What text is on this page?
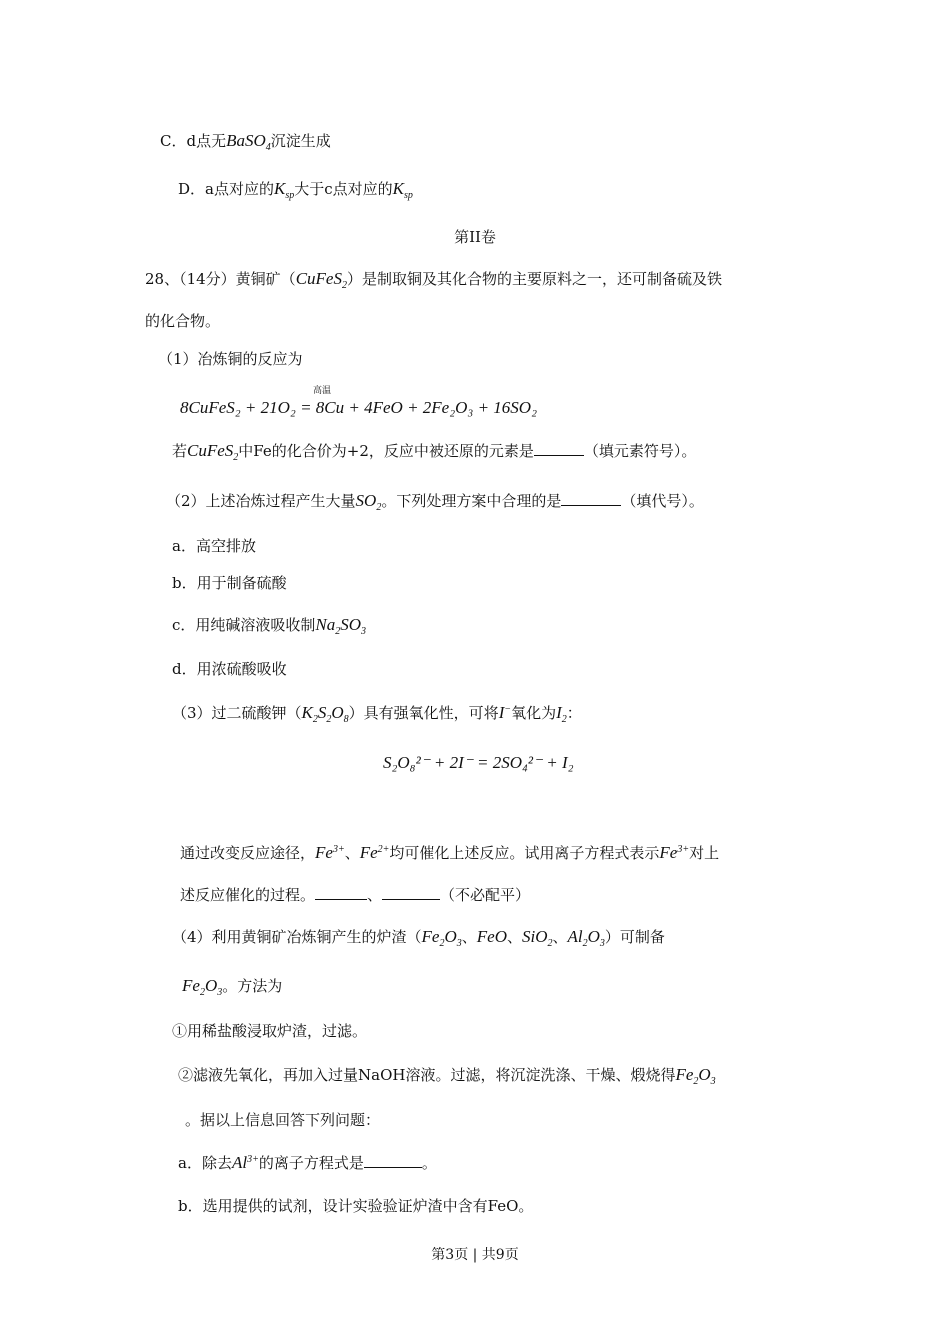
C．d点无BaSO$_4$沉淀生成
D．a点对应的$K_{sp}$大于c点对应的$K_{sp}$
第II卷
28、（14分）黄铜矿（CuFeS$_2$）是制取铜及其化合物的主要原料之一，还可制备硫及铁
的化合物。
（1）冶炼铜的反应为
高温
8CuFeS₂ + 21O₂ = 8Cu + 4FeO + 2Fe₂O₃ + 16SO₂
若CuFeS$_2$中Fe的化合价为+2，反应中被还原的元素是	（填元素符号）。
（2）上述冶炼过程产生大量$SO_2$。下列处理方案中合理的是	（填代号）。
a．高空排放
b．用于制备硫酸
c．用纯碱溶液吸收制$Na_2SO_3$
d．用浓硫酸吸收
（3）过二硫酸钾$(K_2S_2O_8)$具有强氧化性，可将I−氧化为$I_2$：
S₂O₈²⁻ + 2I⁻ = 2SO₄²⁻ + I₂
通过改变反应途径，$Fe^{3+}$、$Fe^{2+}$均可催化上述反应。试用离子方程式表示$Fe^{3+}$对上
述反应催化的过程。	、	（不必配平）
（4）利用黄铜矿冶炼铜产生的炉渣（$Fe_2O_3$、FeO、SiO$_2$、$Al_2O_3$）可制备
$Fe_2O_3$。方法为
①用稀盐酸浸取炉渣，过滤。
②滤液先氧化，再加入过量NaOH溶液。过滤，将沉淀洗涤、干燥、煅烧得$Fe_2O_3$
。据以上信息回答下列问题：
a．除去$Al^{3+}$的离子方程式是	。
b．选用提供的试剂，设计实验验证炉渣中含有FeO。
第3页 | 共9页
